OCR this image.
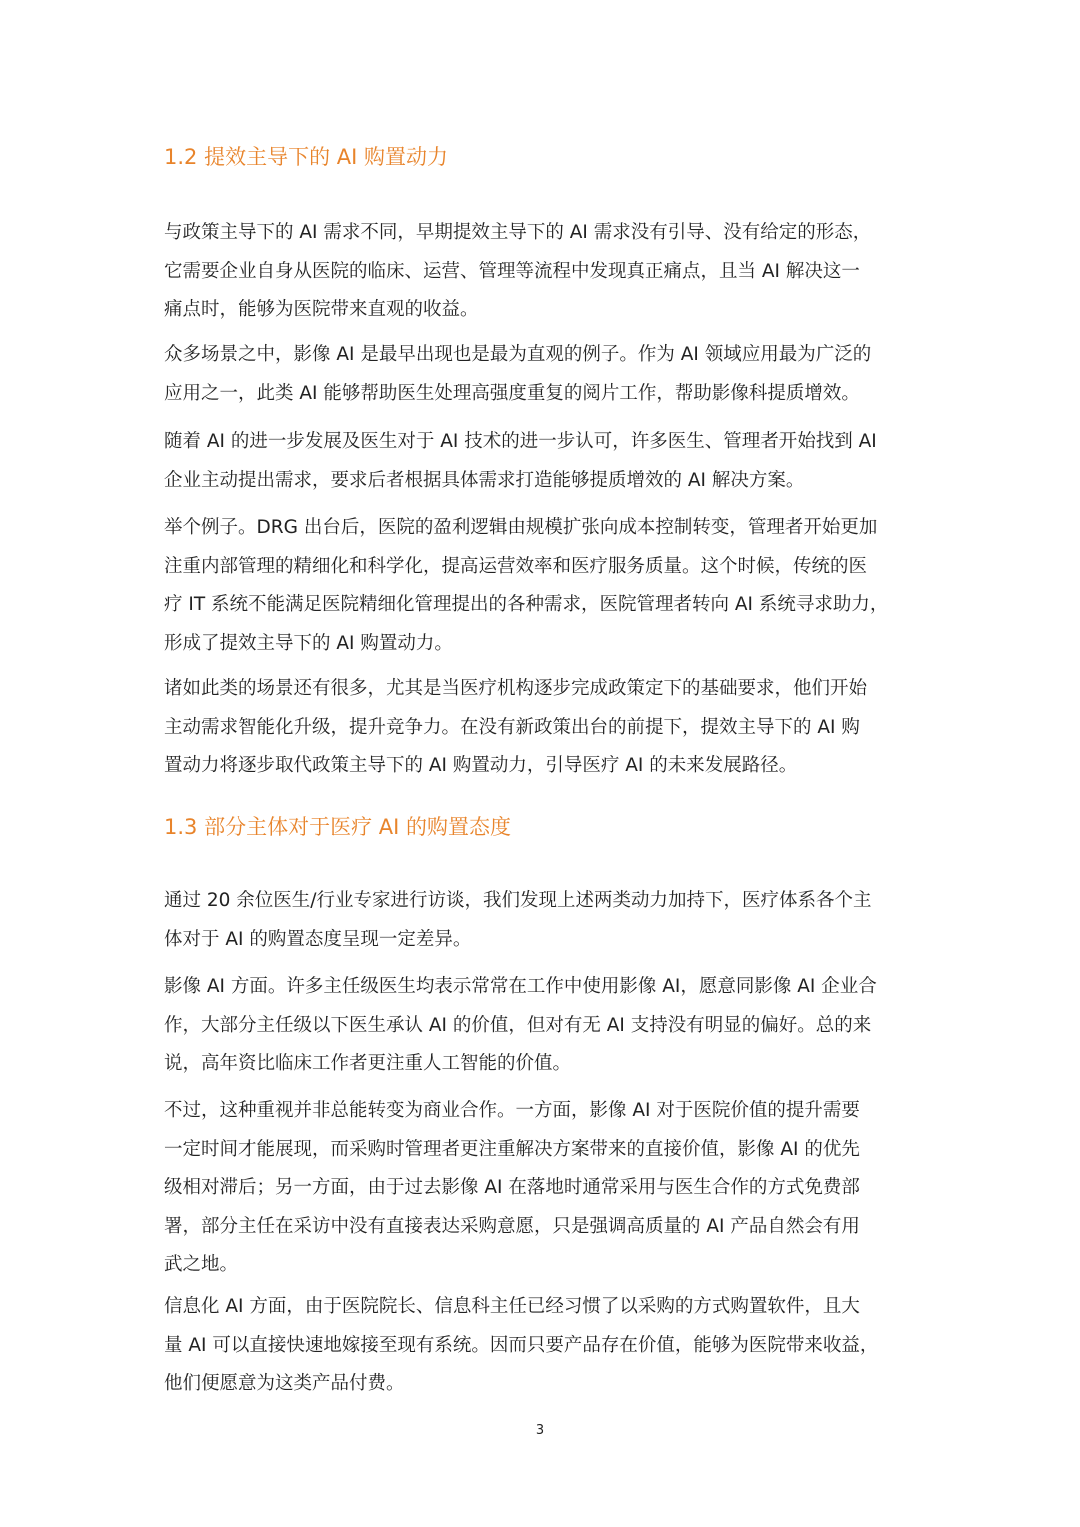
1.2 提效主导下的 AI 购置动力

与政策主导下的 AI 需求不同，早期提效主导下的 AI 需求没有引导、没有给定的形态，
它需要企业自身从医院的临床、运营、管理等流程中发现真正痛点，且当 AI 解决这一
痛点时，能够为医院带来直观的收益。

众多场景之中，影像 AI 是最早出现也是最为直观的例子。作为 AI 领域应用最为广泛的
应用之一，此类 AI 能够帮助医生处理高强度重复的阅片工作，帮助影像科提质增效。

随着 AI 的进一步发展及医生对于 AI 技术的进一步认可，许多医生、管理者开始找到 AI
企业主动提出需求，要求后者根据具体需求打造能够提质增效的 AI 解决方案。

举个例子。DRG 出台后，医院的盈利逻辑由规模扩张向成本控制转变，管理者开始更加
注重内部管理的精细化和科学化，提高运营效率和医疗服务质量。这个时候，传统的医
疗 IT 系统不能满足医院精细化管理提出的各种需求，医院管理者转向 AI 系统寻求助力，
形成了提效主导下的 AI 购置动力。

诸如此类的场景还有很多，尤其是当医疗机构逐步完成政策定下的基础要求，他们开始
主动需求智能化升级，提升竞争力。在没有新政策出台的前提下，提效主导下的 AI 购
置动力将逐步取代政策主导下的 AI 购置动力，引导医疗 AI 的未来发展路径。

1.3 部分主体对于医疗 AI 的购置态度

通过 20 余位医生/行业专家进行访谈，我们发现上述两类动力加持下，医疗体系各个主
体对于 AI 的购置态度呈现一定差异。

影像 AI 方面。许多主任级医生均表示常常在工作中使用影像 AI，愿意同影像 AI 企业合
作，大部分主任级以下医生承认 AI 的价值，但对有无 AI 支持没有明显的偏好。总的来
说，高年资比临床工作者更注重人工智能的价值。

不过，这种重视并非总能转变为商业合作。一方面，影像 AI 对于医院价值的提升需要
一定时间才能展现，而采购时管理者更注重解决方案带来的直接价值，影像 AI 的优先
级相对滞后；另一方面，由于过去影像 AI 在落地时通常采用与医生合作的方式免费部
署，部分主任在采访中没有直接表达采购意愿，只是强调高质量的 AI 产品自然会有用
武之地。

信息化 AI 方面，由于医院院长、信息科主任已经习惯了以采购的方式购置软件，且大
量 AI 可以直接快速地嫁接至现有系统。因而只要产品存在价值，能够为医院带来收益，
他们便愿意为这类产品付费。

3
